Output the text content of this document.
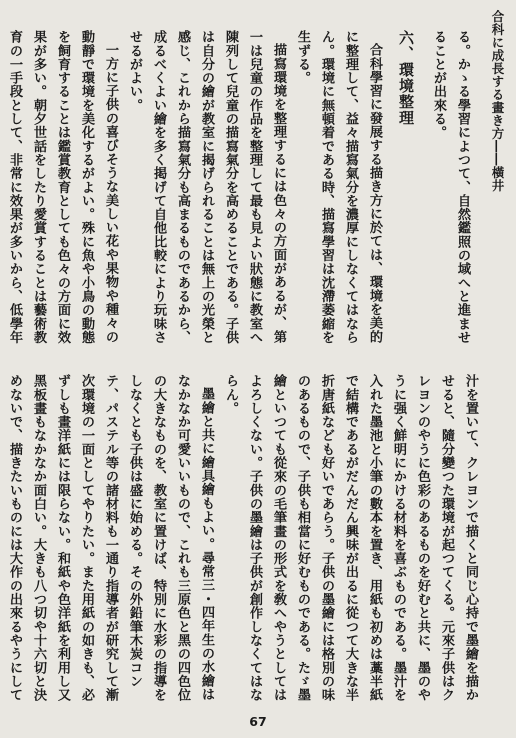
合科に成長する畫き方――橫井

る。かゝる學習によつて、自然鑑照の域へと進ませることが出來る。

六、環境整理

合科學習に發展する描き方に於ては、環境を美的に整理して、益々描寫氣分を濃厚にしなくてはならん。環境に無頓着である時、描寫學習は沈滯萎縮を生ずる。

描寫環境を整理するには色々の方面があるが、第一は兒童の作品を整理して最も見よい狀態に教室へ陳列して兒童の描寫氣分を高めることである。子供は自分の繪が教室に揭げられることは無上の光榮と感じ、これから描寫氣分も高まるものであるから、成るべくよい繪を多く掲げて自他比較により玩味させるがよい。

一方に子供の喜びそうな美しい花や果物や種々の動靜で環境を美化するがよい。殊に魚や小鳥の動態を飼育することは鑑賞教育としても色々の方面に效果が多い。朝夕世話をしたり愛賞することは藝術教育の一手段として、非常に效果が多いから、低學年

汁を置いて、クレヨンで描くと同じ心持で墨繪を描かせると、隨分變つた環境が起つてくる。元來子供はクレヨンのやうに色彩のあるものを好むと共に、墨のやうに强く鮮明にかける材料を喜ぶものである。墨汁を入れた墨池と小筆の數本を置き、用紙も初めは藁半紙で結構であるがだんだん興味が出るに從つて大きな半折唐紙なども好いであらう。子供の墨繪には格別の味のあるもので、子供も相當に好むものである。たゞ墨繪といつても從來の毛筆畫の形式を敎へやうとしてはよろしくない。子供の墨繪は子供が創作しなくてはならん。

墨繪と共に繪具繪もよい。尋常三・四年生の水繪はなかなか可愛いいもので、これも三原色と黑の四色位の大きなものを、教室に置けば、特別に水彩の指導をしなくとも子供は盛に始める。その外鉛筆木炭コンテ、パステル等の諸材料も一通り指導者が研究して漸次環境の一面としてやりたい。また用紙の如きも、必ずしも畫洋紙には限らない。和紙や色洋紙を利用し又黑板畫もなかなか面白い。大きも八つ切や十六切と決めないで、描きたいものには大作の出來るやうにして

67
